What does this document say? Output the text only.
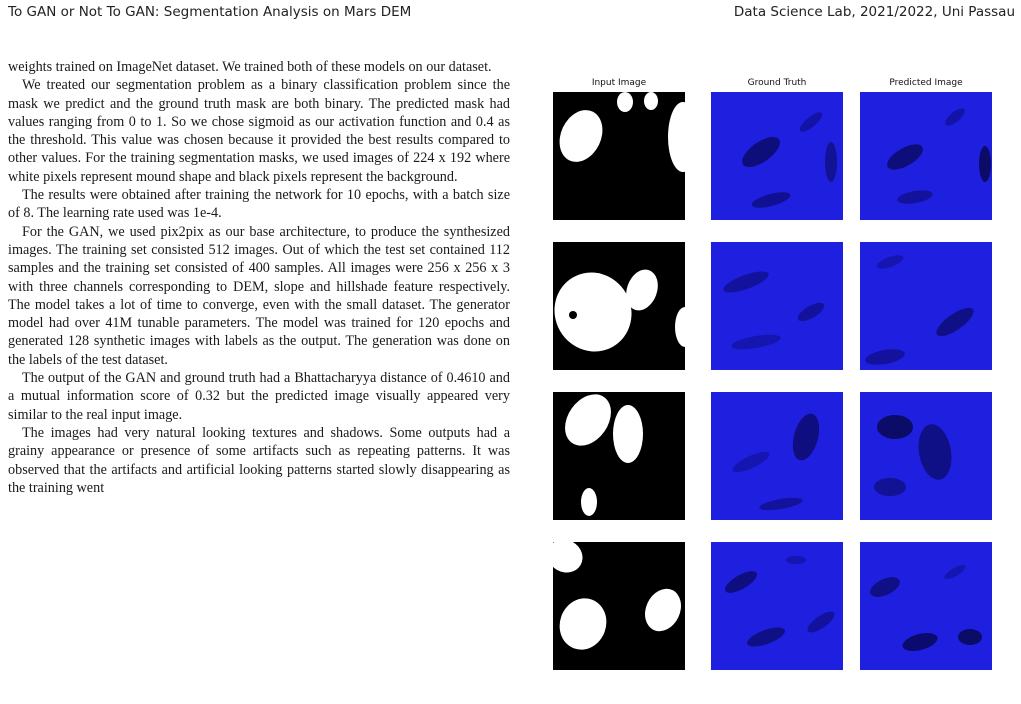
To GAN or Not To GAN: Segmentation Analysis on Mars DEM	Data Science Lab, 2021/2022, Uni Passau

weights trained on ImageNet dataset. We trained both of these models on our dataset.

We treated our segmentation problem as a binary classification problem since the mask we predict and the ground truth mask are both binary. The predicted mask had values ranging from 0 to 1. So we chose sigmoid as our activation function and 0.4 as the threshold. This value was chosen because it provided the best results compared to other values. For the training segmentation masks, we used images of 224 x 192 where white pixels represent mound shape and black pixels represent the background.

The results were obtained after training the network for 10 epochs, with a batch size of 8. The learning rate used was 1e-4.

For the GAN, we used pix2pix as our base architecture, to produce the synthesized images. The training set consisted 512 images. Out of which the test set contained 112 samples and the training set consisted of 400 samples. All images were 256 x 256 x 3 with three channels corresponding to DEM, slope and hillshade feature respectively. The model takes a lot of time to converge, even with the small dataset. The generator model had over 41M tunable parameters. The model was trained for 120 epochs and generated 128 synthetic images with labels as the output. The generation was done on the labels of the test dataset.

The output of the GAN and ground truth had a Bhattacharyya distance of 0.4610 and a mutual information score of 0.32 but the predicted image visually appeared very similar to the real input image.

The images had very natural looking textures and shadows. Some outputs had a grainy appearance or presence of some artifacts such as repeating patterns. It was observed that the artifacts and artificial looking patterns started slowly disappearing as the training went

Input Image	Ground Truth	Predicted Image
